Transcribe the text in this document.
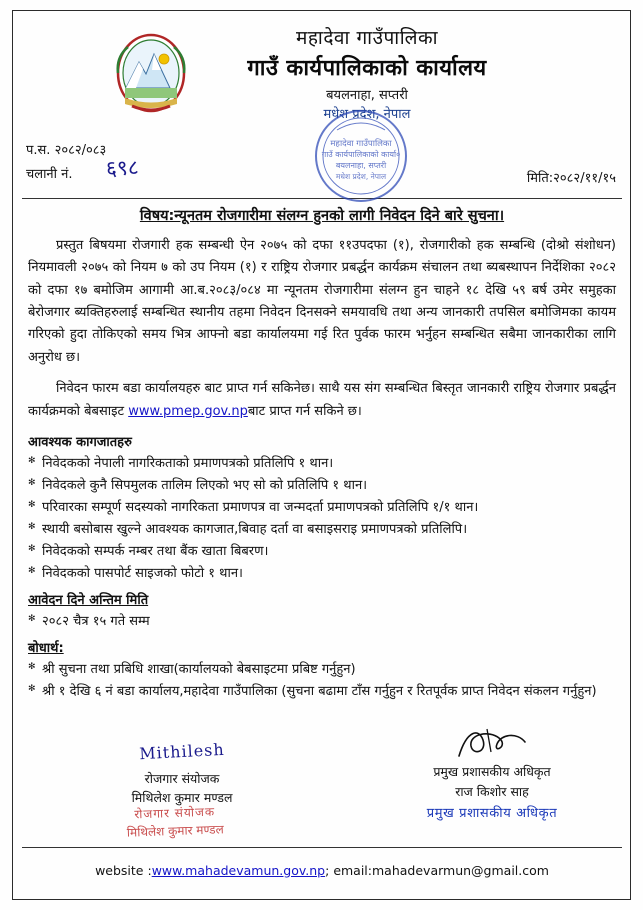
महादेवा गाउँपालिका
गाउँ कार्यपालिकाको कार्यालय
बयलनाहा, सप्तरी
मधेश प्रदेश, नेपाल
महादेवा गाउँपालिका
गाउँ कार्यपालिकाको कार्या०
बयलनाहा, सप्तरी
मधेश प्रदेश, नेपाल
प.स. २०८२/०८३
चलानी नं. ६९८	मिति:२०८२/११/१५
विषय:न्यूनतम रोजगारीमा संलग्न हुनको लागी निवेदन दिने बारे सुचना।
प्रस्तुत बिषयमा रोजगारी हक सम्बन्धी ऐन २०७५ को दफा ११उपदफा (१), रोजगारीको हक सम्बन्धि (दोश्रो संशोधन) नियमावली २०७५ को नियम ७ को उप नियम (१) र राष्ट्रिय रोजगार प्रबर्द्धन कार्यक्रम संचालन तथा ब्यबस्थापन निर्देशिका २०८२ को दफा १७ बमोजिम आगामी आ.ब.२०८३/०८४ मा न्यूनतम रोजगारीमा संलग्न हुन चाहने १८ देखि ५९ बर्ष उमेर समुहका बेरोजगार ब्यक्तिहरुलाई सम्बन्धित स्थानीय तहमा निवेदन दिनसक्ने समयावधि तथा अन्य जानकारी तपसिल बमोजिमका कायम गरिएको हुदा तोकिएको समय भित्र आफ्नो बडा कार्यालयमा गई रित पुर्वक फारम भर्नुहन सम्बन्धित सबैमा जानकारीका लागि अनुरोध छ।
निवेदन फारम बडा कार्यालयहरु बाट प्राप्त गर्न सकिनेछ। साथै यस संग सम्बन्धित बिस्तृत जानकारी राष्ट्रिय रोजगार प्रबर्द्धन कार्यक्रमको बेबसाइट www.pmep.gov.npबाट प्राप्त गर्न सकिने छ।
आवश्यक कागजातहरु
✻ निवेदकको नेपाली नागरिकताको प्रमाणपत्रको प्रतिलिपि १ थान।
✻ निवेदकले कुनै सिपमुलक तालिम लिएको भए सो को प्रतिलिपि १ थान।
✻ परिवारका सम्पूर्ण सदस्यको नागरिकता प्रमाणपत्र वा जन्मदर्ता प्रमाणपत्रको प्रतिलिपि १/१ थान।
✻ स्थायी बसोबास खुल्ने आवश्यक कागजात,बिवाह दर्ता वा बसाइसराइ प्रमाणपत्रको प्रतिलिपि।
✻ निवेदकको सम्पर्क नम्बर तथा बैंक खाता बिबरण।
✻ निवेदकको पासपोर्ट साइजको फोटो १ थान।
आवेदन दिने अन्तिम मिति
✻ २०८२ चैत्र १५ गते सम्म
बोधार्थ:
✻ श्री सुचना तथा प्रबिधि शाखा(कार्यालयको बेबसाइटमा प्रबिष्ट गर्नुहुन)
✻ श्री १ देखि ६ नं बडा कार्यालय,महादेवा गाउँपालिका (सुचना बढामा टाँस गर्नुहुन र रितपूर्वक प्राप्त निवेदन संकलन गर्नुहुन)
Mithilesh
रोजगार संयोजक
मिथिलेश कुमार मण्डल
रोजगार संयोजक
मिथिलेश कुमार मण्डल
प्रमुख प्रशासकीय अधिकृत
राज किशोर साह
प्रमुख प्रशासकीय अधिकृत
website :www.mahadevamun.gov.np; email:mahadevarmun@gmail.com
